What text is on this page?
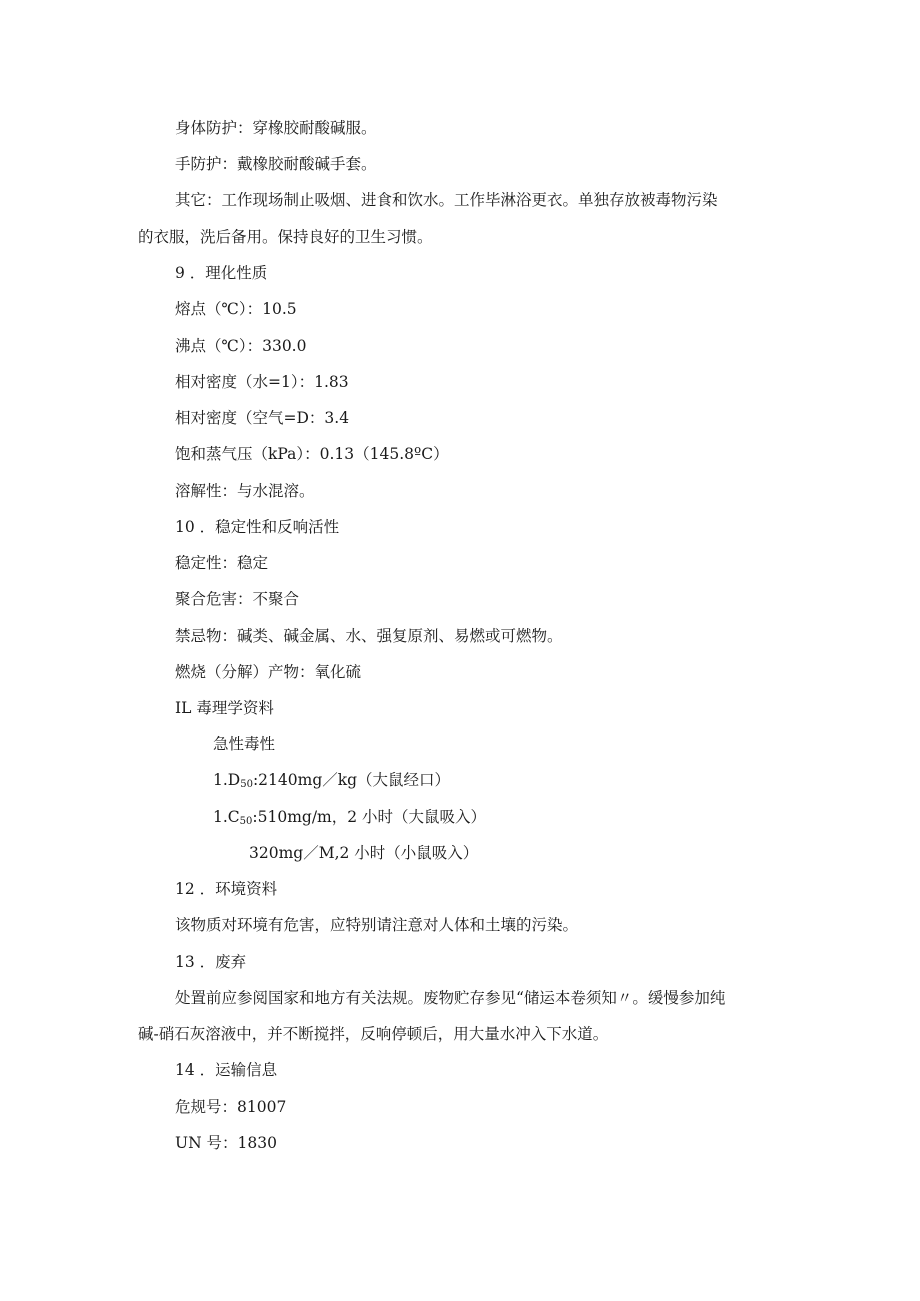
身体防护：穿橡胶耐酸碱服。
手防护：戴橡胶耐酸碱手套。
其它：工作现场制止吸烟、进食和饮水。工作毕淋浴更衣。单独存放被毒物污染
的衣服，洗后备用。保持良好的卫生习惯。
9 ．理化性质
熔点（℃）：10.5
沸点（℃）：330.0
相对密度（水=1）：1.83
相对密度（空气=D：3.4
饱和蒸气压（kPa）：0.13（145.8ºC）
溶解性：与水混溶。
10 ．稳定性和反响活性
稳定性：稳定
聚合危害：不聚合
禁忌物：碱类、碱金属、水、强复原剂、易燃或可燃物。
燃烧（分解）产物：氧化硫
IL 毒理学资料
急性毒性
$1.D_{50}:2140mg/kg$（大鼠经口）
$1.C_{50}:510mg/m$，2 小时（大鼠吸入）
320mg／M,2 小时（小鼠吸入）
12 ．环境资料
该物质对环境有危害，应特别请注意对人体和土壤的污染。
13 ．废弃
处置前应参阅国家和地方有关法规。废物贮存参见“储运本卷须知〃。缓慢参加纯
碱-硝石灰溶液中，并不断搅拌，反响停顿后，用大量水冲入下水道。
14 ．运输信息
危规号：81007
UN 号：1830
